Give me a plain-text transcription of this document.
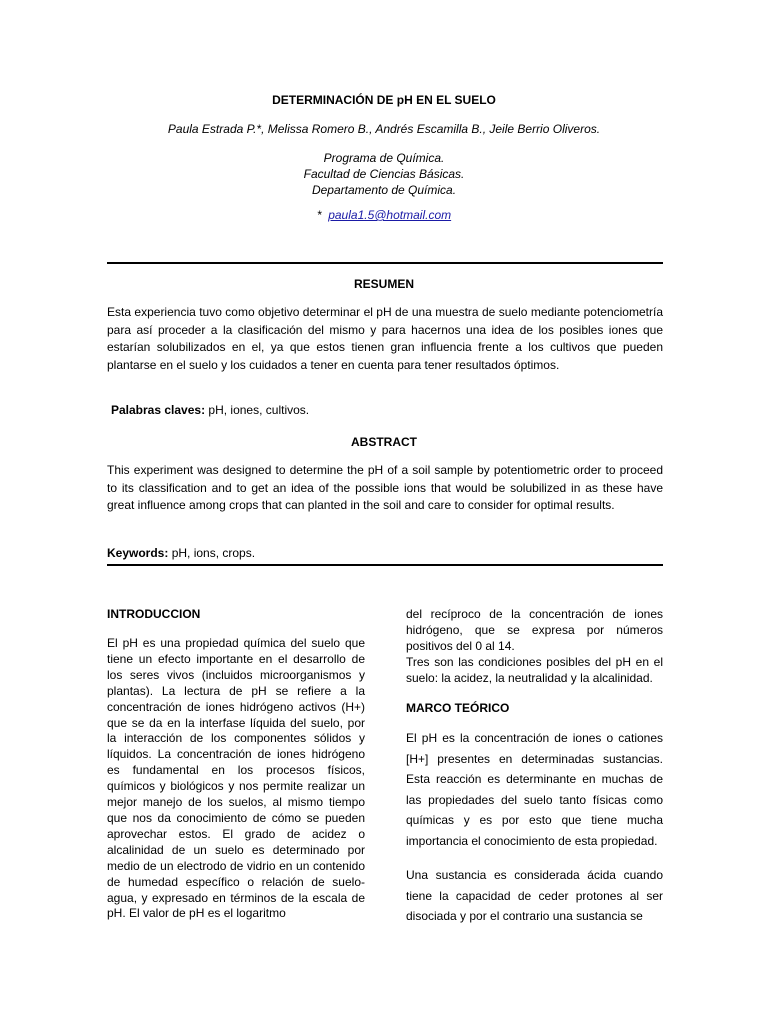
DETERMINACIÓN DE pH EN EL SUELO
Paula Estrada P.*, Melissa Romero B., Andrés Escamilla B., Jeile Berrio Oliveros.
Programa de Química.
Facultad de Ciencias Básicas.
Departamento de Química.
* paula1.5@hotmail.com
RESUMEN
Esta experiencia tuvo como objetivo determinar el pH de una muestra de suelo mediante potenciometría para así proceder a la clasificación del mismo y para hacernos una idea de los posibles iones que estarían solubilizados en el, ya que estos tienen gran influencia frente a los cultivos que pueden plantarse en el suelo y los cuidados a tener en cuenta para tener resultados óptimos.
Palabras claves: pH, iones, cultivos.
ABSTRACT
This experiment was designed to determine the pH of a soil sample by potentiometric order to proceed to its classification and to get an idea of the possible ions that would be solubilized in as these have great influence among crops that can planted in the soil and care to consider for optimal results.
Keywords: pH, ions, crops.
INTRODUCCION

El pH es una propiedad química del suelo que tiene un efecto importante en el desarrollo de los seres vivos (incluidos microorganismos y plantas). La lectura de pH se refiere a la concentración de iones hidrógeno activos (H+) que se da en la interfase líquida del suelo, por la interacción de los componentes sólidos y líquidos. La concentración de iones hidrógeno es fundamental en los procesos físicos, químicos y biológicos y nos permite realizar un mejor manejo de los suelos, al mismo tiempo que nos da conocimiento de cómo se pueden aprovechar estos. El grado de acidez o alcalinidad de un suelo es determinado por medio de un electrodo de vidrio en un contenido de humedad específico o relación de suelo-agua, y expresado en términos de la escala de pH. El valor de pH es el logaritmo

del recíproco de la concentración de iones hidrógeno, que se expresa por números positivos del 0 al 14.

Tres son las condiciones posibles del pH en el suelo: la acidez, la neutralidad y la alcalinidad.

MARCO TEÓRICO

El pH es la concentración de iones o cationes [H+] presentes en determinadas sustancias. Esta reacción es determinante en muchas de las propiedades del suelo tanto físicas como químicas y es por esto que tiene mucha importancia el conocimiento de esta propiedad.

Una sustancia es considerada ácida cuando tiene la capacidad de ceder protones al ser disociada y por el contrario una sustancia se
